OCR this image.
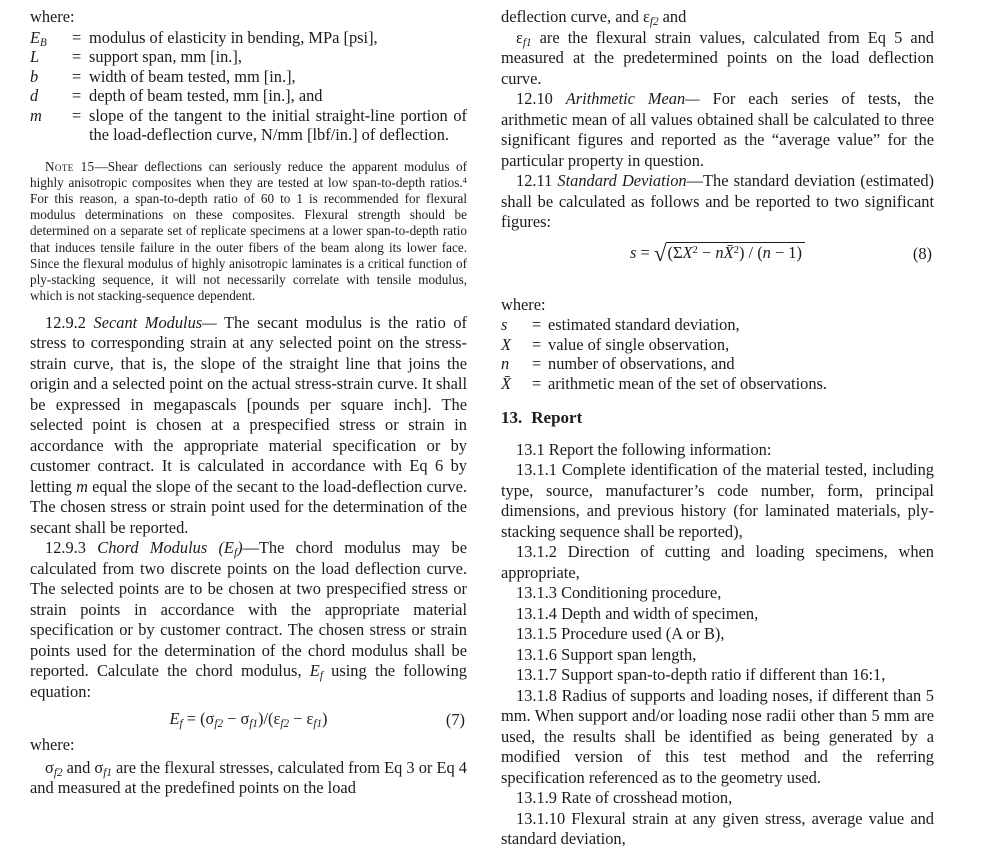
where:

$E_B$	= modulus of elasticity in bending, MPa [psi],
L	= support span, mm [in.],
b	= width of beam tested, mm [in.],
d	= depth of beam tested, mm [in.], and
m	= slope of the tangent to the initial straight-line portion of the load-deflection curve, N/mm [lbf/in.] of deflection.

Note 15—Shear deflections can seriously reduce the apparent modulus of highly anisotropic composites when they are tested at low span-to-depth ratios.$^4$ For this reason, a span-to-depth ratio of 60 to 1 is recommended for flexural modulus determinations on these composites. Flexural strength should be determined on a separate set of replicate specimens at a lower span-to-depth ratio that induces tensile failure in the outer fibers of the beam along its lower face. Since the flexural modulus of highly anisotropic laminates is a critical function of ply-stacking sequence, it will not necessarily correlate with tensile modulus, which is not stacking-sequence dependent.

12.9.2 Secant Modulus— The secant modulus is the ratio of stress to corresponding strain at any selected point on the stress-strain curve, that is, the slope of the straight line that joins the origin and a selected point on the actual stress-strain curve. It shall be expressed in megapascals [pounds per square inch]. The selected point is chosen at a prespecified stress or strain in accordance with the appropriate material specification or by customer contract. It is calculated in accordance with Eq 6 by letting m equal the slope of the secant to the load-deflection curve. The chosen stress or strain point used for the determination of the secant shall be reported.

12.9.3 Chord Modulus $(E_f)—The$ chord modulus may be calculated from two discrete points on the load deflection curve. The selected points are to be chosen at two prespecified stress or strain points in accordance with the appropriate material specification or by customer contract. The chosen stress or strain points used for the determination of the chord modulus shall be reported. Calculate the chord modulus, $E_f$ using the following equation:

$E_f = (\sigma_{f2} - \sigma_{f1})/(\varepsilon_{f2} - \varepsilon_{f1})$	(7)

where:

$\sigma_{f2}$ and $\sigma_{f1}$ are the flexural stresses, calculated from Eq 3 or Eq 4 and measured at the predefined points on the load

deflection curve, and $\varepsilon_{f2}$ and

$\varepsilon_{f1}$ are the flexural strain values, calculated from Eq 5 and measured at the predetermined points on the load deflection curve.

12.10 Arithmetic Mean— For each series of tests, the arithmetic mean of all values obtained shall be calculated to three significant figures and reported as the “average value” for the particular property in question.

12.11 Standard Deviation—The standard deviation (estimated) shall be calculated as follows and be reported to two significant figures:

$s = √(\Sigma X^2$ − nX̄$^2$) / (n − 1)	(8)

where:

s	= estimated standard deviation,
X	= value of single observation,
n	= number of observations, and
X̄	= arithmetic mean of the set of observations.

13. Report

13.1 Report the following information:

13.1.1 Complete identification of the material tested, including type, source, manufacturer’s code number, form, principal dimensions, and previous history (for laminated materials, ply-stacking sequence shall be reported),

13.1.2 Direction of cutting and loading specimens, when appropriate,

13.1.3 Conditioning procedure,

13.1.4 Depth and width of specimen,

13.1.5 Procedure used (A or B),

13.1.6 Support span length,

13.1.7 Support span-to-depth ratio if different than 16:1,

13.1.8 Radius of supports and loading noses, if different than 5 mm. When support and/or loading nose radii other than 5 mm are used, the results shall be identified as being generated by a modified version of this test method and the referring specification referenced as to the geometry used.

13.1.9 Rate of crosshead motion,

13.1.10 Flexural strain at any given stress, average value and standard deviation,
